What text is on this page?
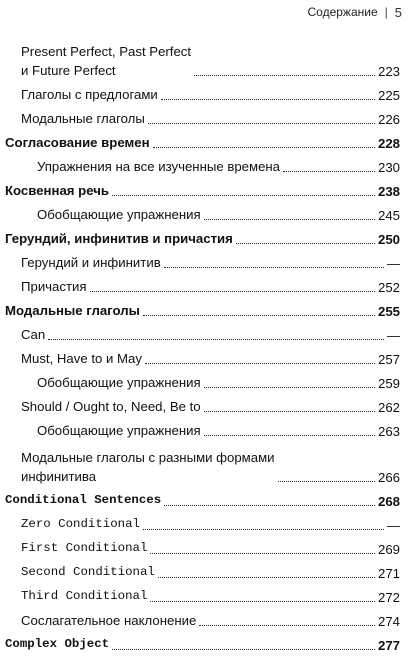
Содержание | 5
Present Perfect, Past Perfect
и Future Perfect	223
Глаголы с предлогами	225
Модальные глаголы	226
Согласование времен	228
Упражнения на все изученные времена	230
Косвенная речь	238
Обобщающие упражнения	245
Герундий, инфинитив и причастия	250
Герундий и инфинитив	—
Причастия	252
Модальные глаголы	255
Can	—
Must, Have to и May	257
Обобщающие упражнения	259
Should / Ought to, Need, Be to	262
Обобщающие упражнения	263
Модальные глаголы с разными формами
инфинитива	266
Conditional Sentences	268
Zero Conditional	—
First Conditional	269
Second Conditional	271
Third Conditional	272
Сослагательное наклонение	274
Complex Object	277
